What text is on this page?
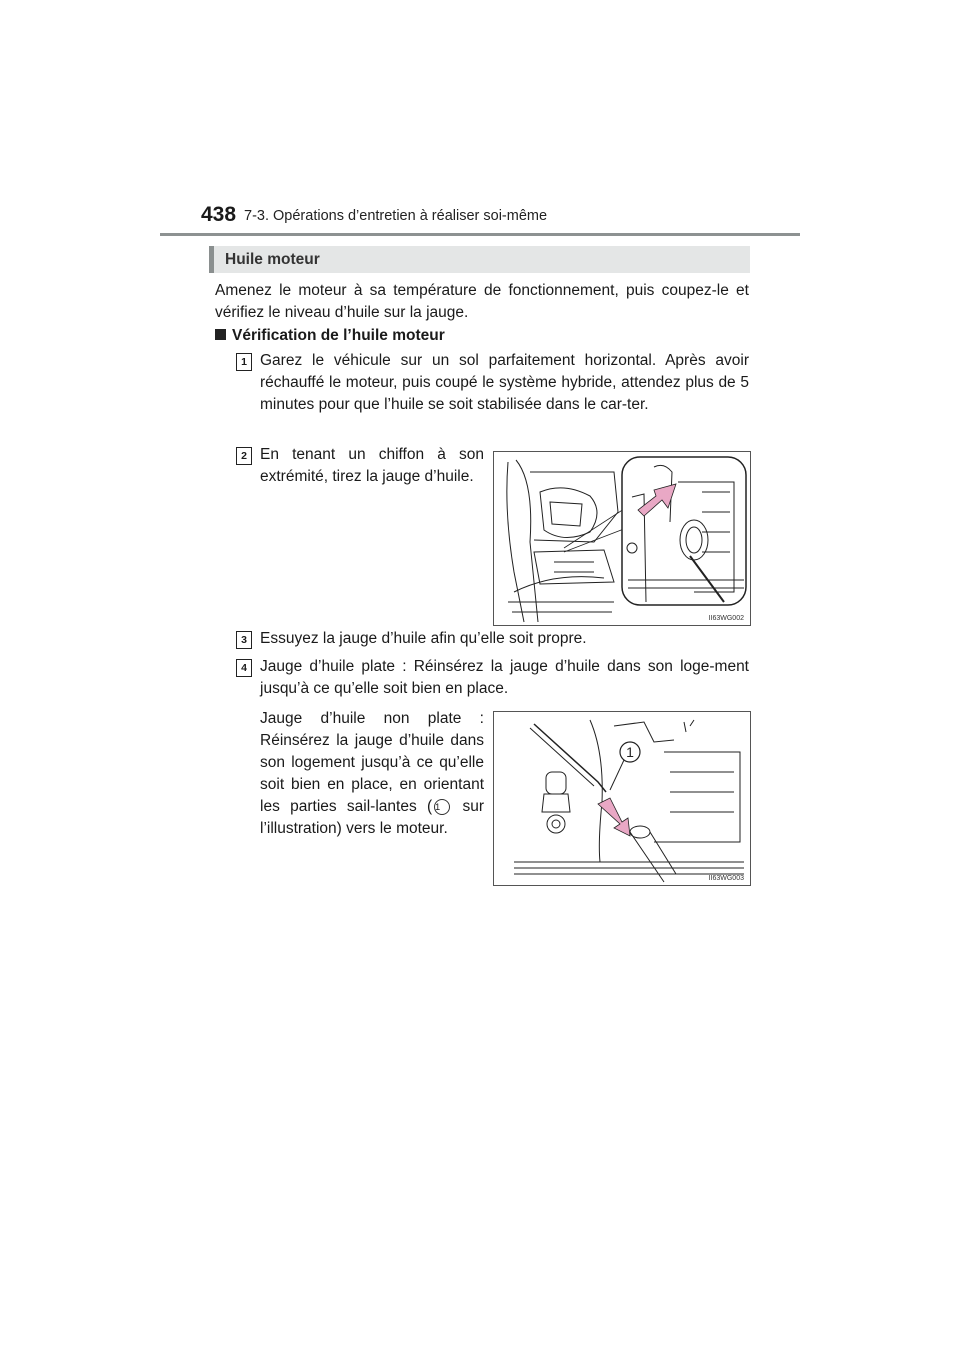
438 7-3. Opérations d’entretien à réaliser soi-même
Huile moteur
Amenez le moteur à sa température de fonctionnement, puis coupez-le et vérifiez le niveau d’huile sur la jauge.
Vérification de l’huile moteur
1 Garez le véhicule sur un sol parfaitement horizontal. Après avoir réchauffé le moteur, puis coupé le système hybride, attendez plus de 5 minutes pour que l’huile se soit stabilisée dans le car-ter.
2 En tenant un chiffon à son extrémité, tirez la jauge d’huile.
II63WG002
3 Essuyez la jauge d’huile afin qu’elle soit propre.
4 Jauge d’huile plate : Réinsérez la jauge d’huile dans son loge-ment jusqu’à ce qu’elle soit bien en place.
Jauge d’huile non plate : Réinsérez la jauge d’huile dans son logement jusqu’à ce qu’elle soit bien en place, en orientant les parties sail-lantes ( 1 sur l’illustration) vers le moteur.
1
II63WG003
